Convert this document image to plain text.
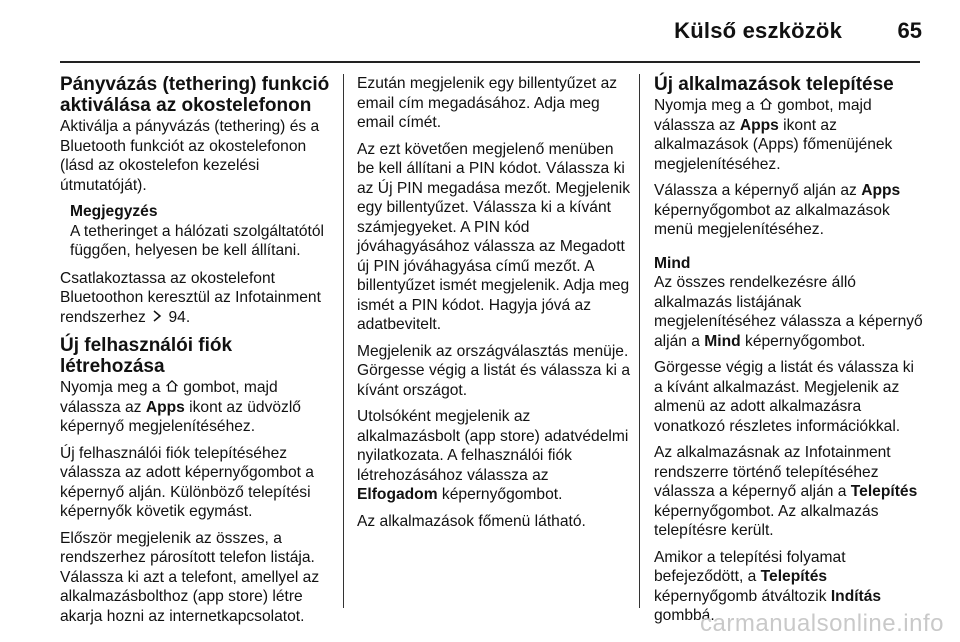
Külső eszközök	65
Pányvázás (tethering) funkció aktiválása az okostelefonon

Aktiválja a pányvázás (tethering) és a Bluetooth funkciót az okostelefonon (lásd az okostelefon kezelési útmutatóját).

Megjegyzés
A tetheringet a hálózati szolgáltatótól függően, helyesen be kell állítani.

Csatlakoztassa az okostelefont Bluetoothon keresztül az Infotainment rendszerhez 94.

Új felhasználói fiók létrehozása

Nyomja meg a gombot, majd válassza az Apps ikont az üdvözlő képernyő megjelenítéséhez.

Új felhasználói fiók telepítéséhez válassza az adott képernyőgombot a képernyő alján. Különböző telepítési képernyők követik egymást.

Először megjelenik az összes, a rendszerhez párosított telefon listája. Válassza ki azt a telefont, amellyel az alkalmazásbolthoz (app store) létre akarja hozni az internetkapcsolatot.

Ezután megjelenik egy billentyűzet az email cím megadásához. Adja meg email címét.

Az ezt követően megjelenő menüben be kell állítani a PIN kódot. Válassza ki az Új PIN megadása mezőt. Megjelenik egy billentyűzet. Válassza ki a kívánt számjegyeket. A PIN kód jóváhagyásához válassza az Megadott új PIN jóváhagyása című mezőt. A billentyűzet ismét megjelenik. Adja meg ismét a PIN kódot. Hagyja jóvá az adatbevitelt.

Megjelenik az országválasztás menüje. Görgesse végig a listát és válassza ki a kívánt országot.

Utolsóként megjelenik az alkalmazásbolt (app store) adatvédelmi nyilatkozata. A felhasználói fiók létrehozásához válassza az Elfogadom képernyőgombot.

Az alkalmazások főmenü látható.

Új alkalmazások telepítése

Nyomja meg a gombot, majd válassza az Apps ikont az alkalmazások (Apps) főmenüjének megjelenítéséhez.

Válassza a képernyő alján az Apps képernyőgombot az alkalmazások menü megjelenítéséhez.

Mind

Az összes rendelkezésre álló alkalmazás listájának megjelenítéséhez válassza a képernyő alján a Mind képernyőgombot.

Görgesse végig a listát és válassza ki a kívánt alkalmazást. Megjelenik az almenü az adott alkalmazásra vonatkozó részletes információkkal.

Az alkalmazásnak az Infotainment rendszerre történő telepítéséhez válassza a képernyő alján a Telepítés képernyőgombot. Az alkalmazás telepítésre került.

Amikor a telepítési folyamat befejeződött, a Telepítés képernyőgomb átváltozik Indítás gombbá.

carmanualsonline.info
